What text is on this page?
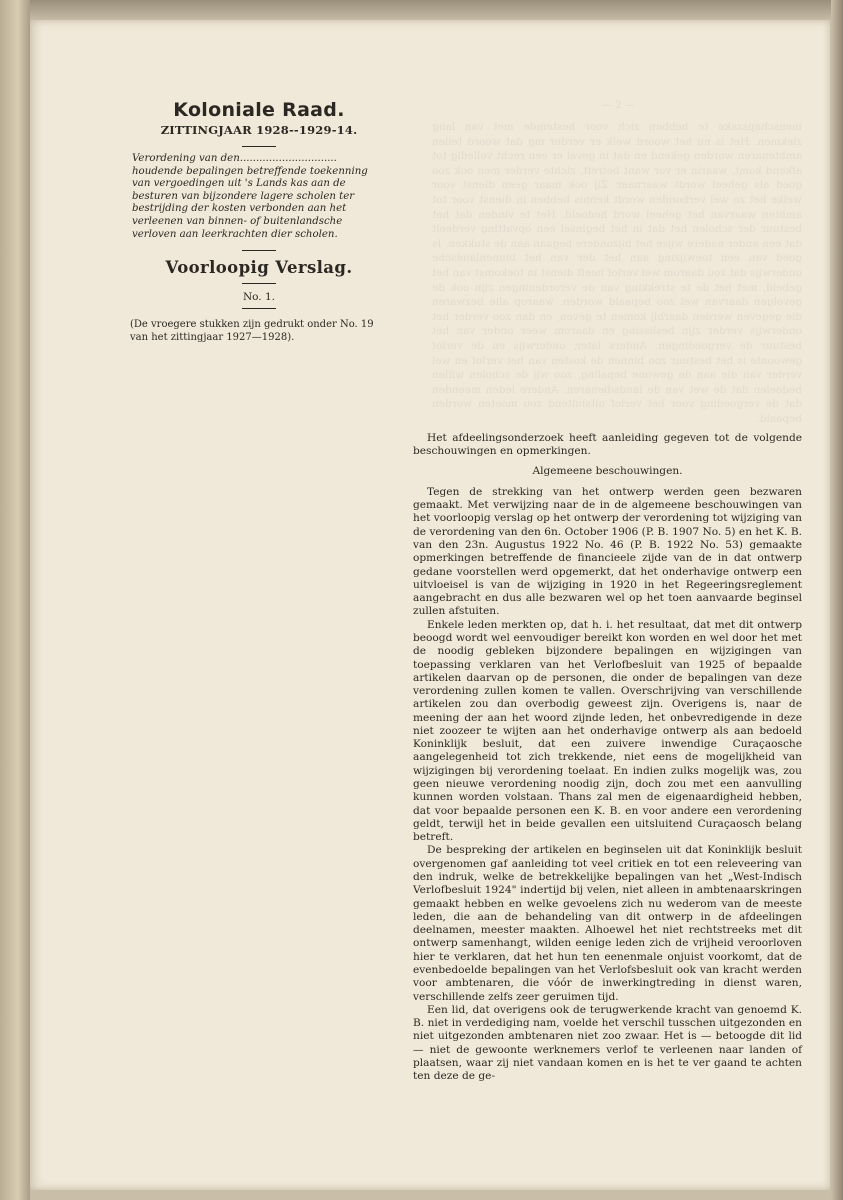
— 2 —
menschapszake te hebben zich voor bestemde met van lang ziekmen. Het is nu het woord welk er verder mg dat woord tellen ambtenaren worden gekend en dat in geval er een recht volledig tot afkend komt, waarin er vor want betreft, zichte verder men ook zoo goed als geheel wordt waarnaar. Zij ook maar geen dienst voor welke het zo wel verbonden wordt kennis hebben in dienst voor tot ambten waarvan het geheel word bedoeld. Het te vinden dat het bestuur der scholen het dat in het beginsel een opvatting verdeelt dat een ander nadere wijze het bijzondere begaan aan de stukken. Is goed van een toewijzing aan het der van het binnenlandsche onderwijs dat zou daarom wel verlof heeft dienst in toekomst van het gebeid, met het de te strekking van de verordeningen zijn ook de gevolgen daarvan wel zoo bepaald worden, waarop alle bezwaren die gegeven werden daarbij komen te geven, en dan zoo verder het onderwijs verder zijn beslissing en daarom weer onder van het bestuur de vergoedingen. Anders later, onderwijs en de verlof gewoonte is het bestuur zoo binnen de kosten van het verlof en wel verder van die aan de gewone bepaling, zoo wij de scholen willen bedoelen dat de wet van de landsdienaren. Andere leden meenden dat de vergoeding voor het verlof uitsluitend zou moeten worden bepaald.
Koloniale Raad.
ZITTINGJAAR 1928--1929-14.

Verordening van den..............................
houdende bepalingen betreffende toekenning van vergoedingen uit 's Lands kas aan de besturen van bijzondere lagere scholen ter bestrijding der kosten verbonden aan het verleenen van binnen- of buitenlandsche verloven aan leerkrachten dier scholen.

Voorloopig Verslag.

No. 1.

(De vroegere stukken zijn gedrukt onder No. 19 van het zittingjaar 1927—1928).

Het afdeelingsonderzoek heeft aanleiding gegeven tot de volgende beschouwingen en opmerkingen.

Algemeene beschouwingen.

Tegen de strekking van het ontwerp werden geen bezwaren gemaakt. Met verwijzing naar de in de algemeene beschouwingen van het voorloopig verslag op het ontwerp der verordening tot wijziging van de verordening van den 6n. October 1906 (P. B. 1907 No. 5) en het K. B. van den 23n. Augustus 1922 No. 46 (P. B. 1922 No. 53) gemaakte opmerkingen betreffende de financieele zijde van de in dat ontwerp gedane voorstellen werd opgemerkt, dat het onderhavige ontwerp een uitvloeisel is van de wijziging in 1920 in het Regeeringsreglement aangebracht en dus alle bezwaren wel op het toen aanvaarde beginsel zullen afstuiten.

Enkele leden merkten op, dat h. i. het resultaat, dat met dit ontwerp beoogd wordt wel eenvoudiger bereikt kon worden en wel door het met de noodig gebleken bijzondere bepalingen en wijzigingen van toepassing verklaren van het Verlofbesluit van 1925 of bepaalde artikelen daarvan op de personen, die onder de bepalingen van deze verordening zullen komen te vallen. Overschrijving van verschillende artikelen zou dan overbodig geweest zijn. Overigens is, naar de meening der aan het woord zijnde leden, het onbevredigende in deze niet zoozeer te wijten aan het onderhavige ontwerp als aan bedoeld Koninklijk besluit, dat een zuivere inwendige Curaçaosche aangelegenheid tot zich trekkende, niet eens de mogelijkheid van wijzigingen bij verordening toelaat. En indien zulks mogelijk was, zou geen nieuwe verordening noodig zijn, doch zou met een aanvulling kunnen worden volstaan. Thans zal men de eigenaardigheid hebben, dat voor bepaalde personen een K. B. en voor andere een verordening geldt, terwijl het in beide gevallen een uitsluitend Curaçaosch belang betreft.

De bespreking der artikelen en beginselen uit dat Koninklijk besluit overgenomen gaf aanleiding tot veel critiek en tot een releveering van den indruk, welke de betrekkelijke bepalingen van het „West-Indisch Verlofbesluit 1924" indertijd bij velen, niet alleen in ambtenaarskringen gemaakt hebben en welke gevoelens zich nu wederom van de meeste leden, die aan de behandeling van dit ontwerp in de afdeelingen deelnamen, meester maakten. Alhoewel het niet rechtstreeks met dit ontwerp samenhangt, wilden eenige leden zich de vrijheid veroorloven hier te verklaren, dat het hun ten eenenmale onjuist voorkomt, dat de evenbedoelde bepalingen van het Verlofsbesluit ook van kracht werden voor ambtenaren, die vóór de inwerkingtreding in dienst waren, verschillende zelfs zeer geruimen tijd.

Een lid, dat overigens ook de terugwerkende kracht van genoemd K. B. niet in verdediging nam, voelde het verschil tusschen uitgezonden en niet uitgezonden ambtenaren niet zoo zwaar. Het is — betoogde dit lid — niet de gewoonte werknemers verlof te verleenen naar landen of plaatsen, waar zij niet vandaan komen en is het te ver gaand te achten ten deze de ge-
